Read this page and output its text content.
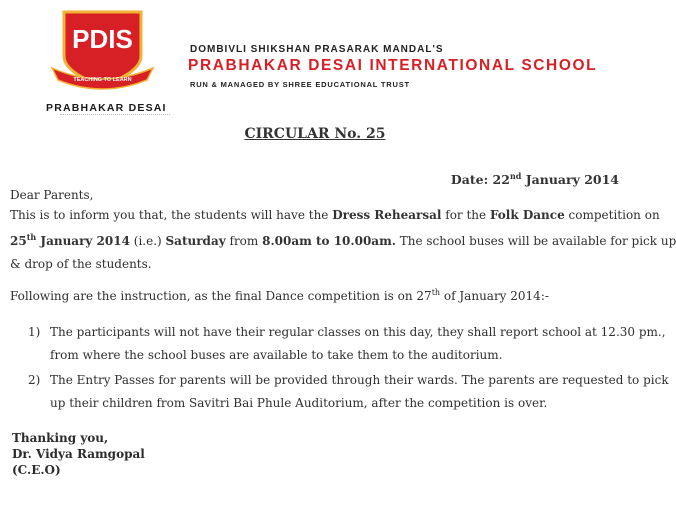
PDIS
TEACHING TO LEARN
PRABHAKAR DESAI
DOMBIVLI SHIKSHAN PRASARAK MANDAL'S
PRABHAKAR DESAI INTERNATIONAL SCHOOL
RUN & MANAGED BY SHREE EDUCATIONAL TRUST
CIRCULAR No. 25
Date: 22nd January 2014
Dear Parents,
This is to inform you that, the students will have the Dress Rehearsal for the Folk Dance competition on
25th January 2014 (i.e.) Saturday from 8.00am to 10.00am. The school buses will be available for pick up
& drop of the students.
Following are the instruction, as the final Dance competition is on 27th of January 2014:-
1) The participants will not have their regular classes on this day, they shall report school at 12.30 pm.,
from where the school buses are available to take them to the auditorium.
2) The Entry Passes for parents will be provided through their wards. The parents are requested to pick
up their children from Savitri Bai Phule Auditorium, after the competition is over.
Thanking you,
Dr. Vidya Ramgopal
(C.E.O)
